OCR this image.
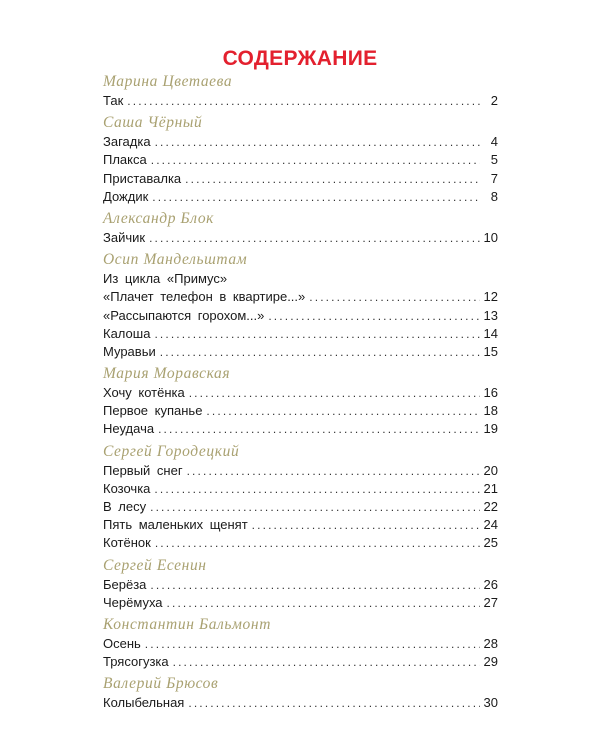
СОДЕРЖАНИЕ
Марина Цветаева
Так . . .	2
Саша Чёрный
Загадка . . .	4
Плакса . . .	5
Приставалка . . .	7
Дождик . . .	8
Александр Блок
Зайчик . . .	10
Осип Мандельштам
Из цикла «Примус»
«Плачет телефон в квартире...» . . .	12
«Рассыпаются горохом...» . . .	13
Калоша . . .	14
Муравьи . . .	15
Мария Моравская
Хочу котёнка . . .	16
Первое купанье . . .	18
Неудача . . .	19
Сергей Городецкий
Первый снег . . .	20
Козочка . . .	21
В лесу . . .	22
Пять маленьких щенят . . .	24
Котёнок . . .	25
Сергей Есенин
Берёза . . .	26
Черёмуха . . .	27
Константин Бальмонт
Осень . . .	28
Трясогузка . . .	29
Валерий Брюсов
Колыбельная . . .	30
